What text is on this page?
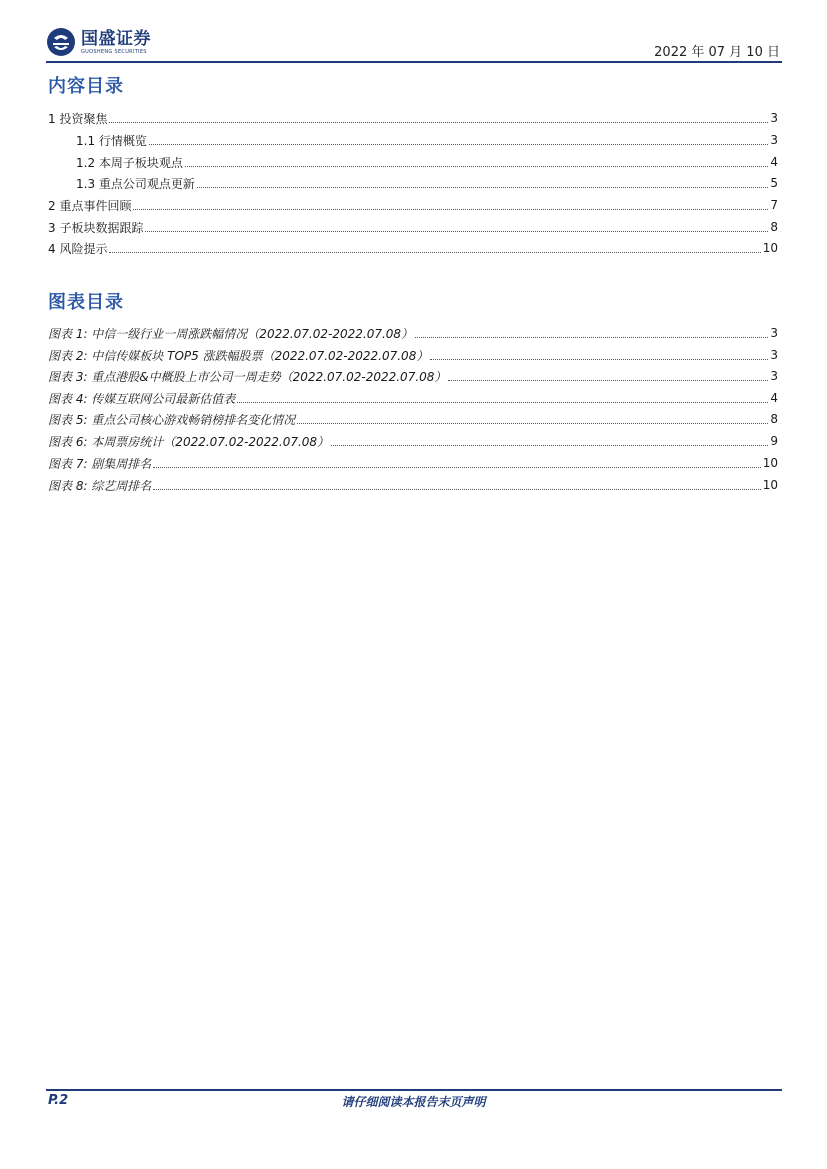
国盛证券
GUOSHENG SECURITIES	2022 年 07 月 10 日
内容目录
1 投资聚焦	3
1.1 行情概览	3
1.2 本周子板块观点	4
1.3 重点公司观点更新	5
2 重点事件回顾	7
3 子板块数据跟踪	8
4 风险提示	10
图表目录
图表 1: 中信一级行业一周涨跌幅情况（2022.07.02-2022.07.08）	3
图表 2: 中信传媒板块 TOP5 涨跌幅股票（2022.07.02-2022.07.08）	3
图表 3: 重点港股&中概股上市公司一周走势（2022.07.02-2022.07.08）	3
图表 4: 传媒互联网公司最新估值表	4
图表 5: 重点公司核心游戏畅销榜排名变化情况	8
图表 6: 本周票房统计（2022.07.02-2022.07.08）	9
图表 7: 剧集周排名	10
图表 8: 综艺周排名	10
P.2	请仔细阅读本报告末页声明
